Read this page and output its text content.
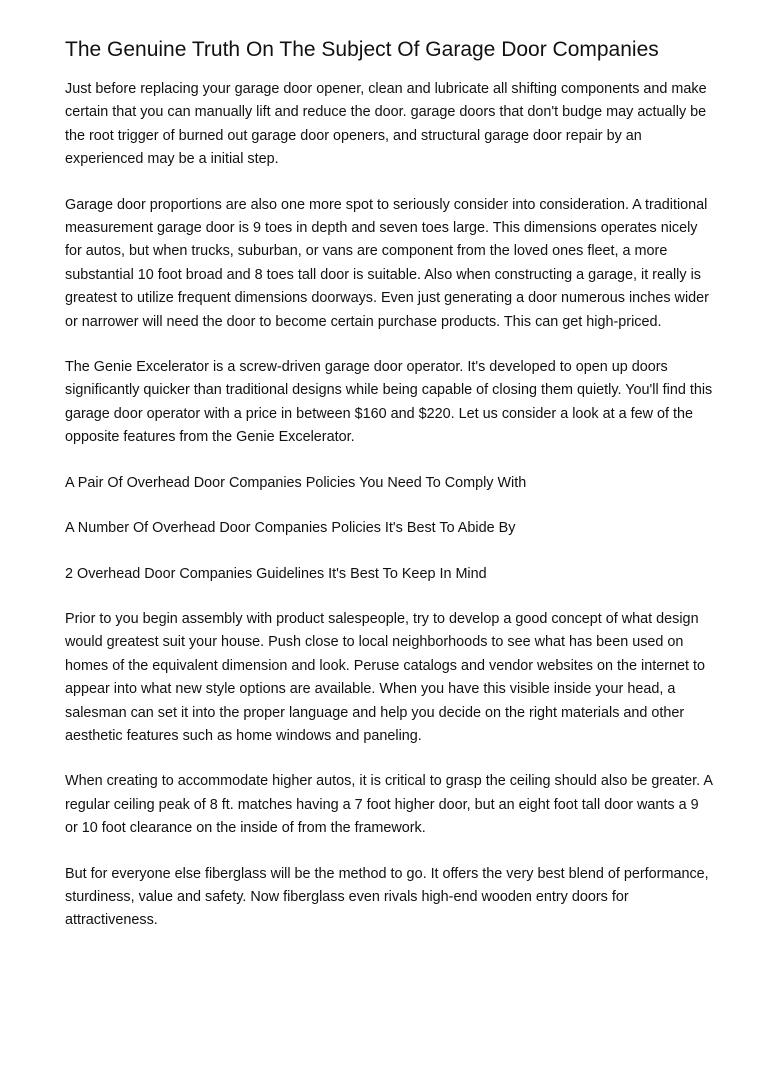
The Genuine Truth On The Subject Of Garage Door Companies

Just before replacing your garage door opener, clean and lubricate all shifting components and make certain that you can manually lift and reduce the door. garage doors that don't budge may actually be the root trigger of burned out garage door openers, and structural garage door repair by an experienced may be a initial step.

Garage door proportions are also one more spot to seriously consider into consideration. A traditional measurement garage door is 9 toes in depth and seven toes large. This dimensions operates nicely for autos, but when trucks, suburban, or vans are component from the loved ones fleet, a more substantial 10 foot broad and 8 toes tall door is suitable. Also when constructing a garage, it really is greatest to utilize frequent dimensions doorways. Even just generating a door numerous inches wider or narrower will need the door to become certain purchase products. This can get high-priced.

The Genie Excelerator is a screw-driven garage door operator. It's developed to open up doors significantly quicker than traditional designs while being capable of closing them quietly. You'll find this garage door operator with a price in between $160 and $220. Let us consider a look at a few of the opposite features from the Genie Excelerator.

A Pair Of Overhead Door Companies Policies You Need To Comply With

A Number Of Overhead Door Companies Policies It's Best To Abide By

2 Overhead Door Companies Guidelines It's Best To Keep In Mind

Prior to you begin assembly with product salespeople, try to develop a good concept of what design would greatest suit your house. Push close to local neighborhoods to see what has been used on homes of the equivalent dimension and look. Peruse catalogs and vendor websites on the internet to appear into what new style options are available. When you have this visible inside your head, a salesman can set it into the proper language and help you decide on the right materials and other aesthetic features such as home windows and paneling.

When creating to accommodate higher autos, it is critical to grasp the ceiling should also be greater. A regular ceiling peak of 8 ft. matches having a 7 foot higher door, but an eight foot tall door wants a 9 or 10 foot clearance on the inside of from the framework.

But for everyone else fiberglass will be the method to go. It offers the very best blend of performance, sturdiness, value and safety. Now fiberglass even rivals high-end wooden entry doors for attractiveness.
